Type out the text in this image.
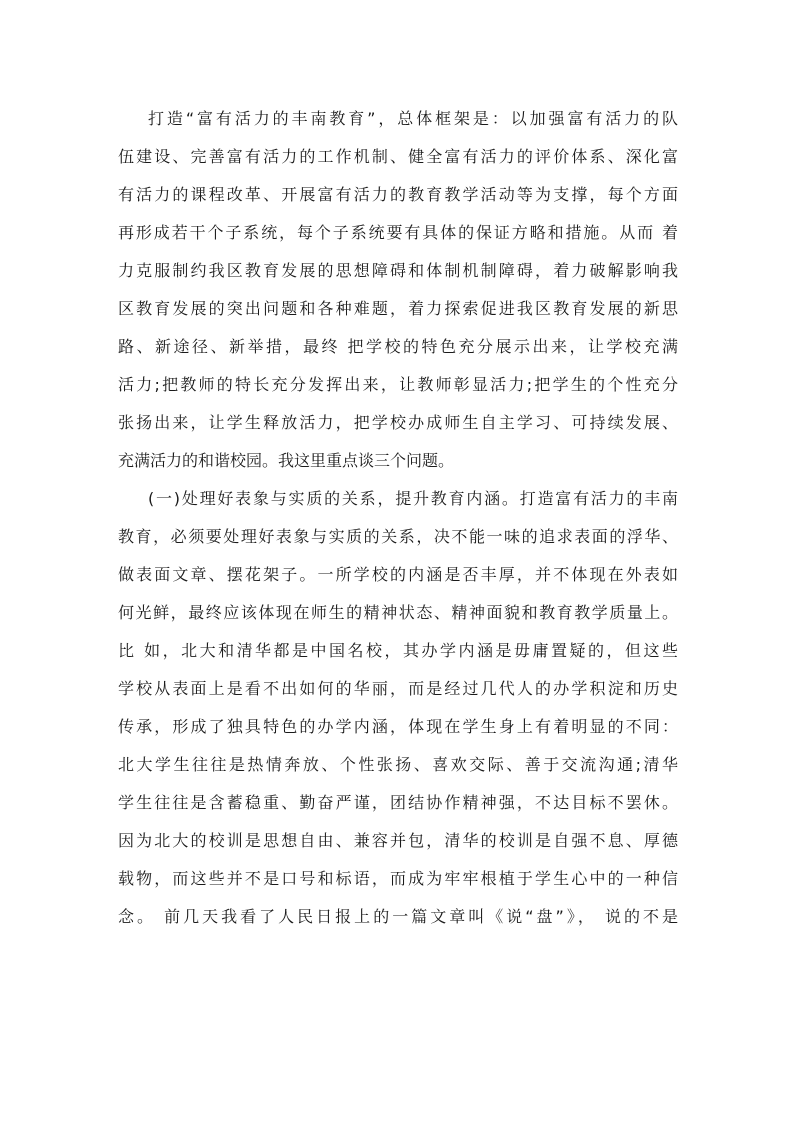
打造“富有活力的丰南教育”，总体框架是：以加强富有活力的队
伍建设、完善富有活力的工作机制、健全富有活力的评价体系、深化富
有活力的课程改革、开展富有活力的教育教学活动等为支撑，每个方面
再形成若干个子系统，每个子系统要有具体的保证方略和措施。从而 着
力克服制约我区教育发展的思想障碍和体制机制障碍，着力破解影响我
区教育发展的突出问题和各种难题，着力探索促进我区教育发展的新思
路、新途径、新举措，最终 把学校的特色充分展示出来，让学校充满
活力;把教师的特长充分发挥出来，让教师彰显活力;把学生的个性充分
张扬出来，让学生释放活力，把学校办成师生自主学习、可持续发展、
充满活力的和谐校园。我这里重点谈三个问题。
(一)处理好表象与实质的关系，提升教育内涵。打造富有活力的丰南
教育，必须要处理好表象与实质的关系，决不能一味的追求表面的浮华、
做表面文章、摆花架子。一所学校的内涵是否丰厚，并不体现在外表如
何光鲜，最终应该体现在师生的精神状态、精神面貌和教育教学质量上。
比 如，北大和清华都是中国名校，其办学内涵是毋庸置疑的，但这些
学校从表面上是看不出如何的华丽，而是经过几代人的办学积淀和历史
传承，形成了独具特色的办学内涵，体现在学生身上有着明显的不同：
北大学生往往是热情奔放、个性张扬、喜欢交际、善于交流沟通;清华
学生往往是含蓄稳重、勤奋严谨，团结协作精神强，不达目标不罢休。
因为北大的校训是思想自由、兼容并包，清华的校训是自强不息、厚德
载物，而这些并不是口号和标语，而成为牢牢根植于学生心中的一种信
念。 前几天我看了人民日报上的一篇文章叫《说“盘”》， 说的不是
